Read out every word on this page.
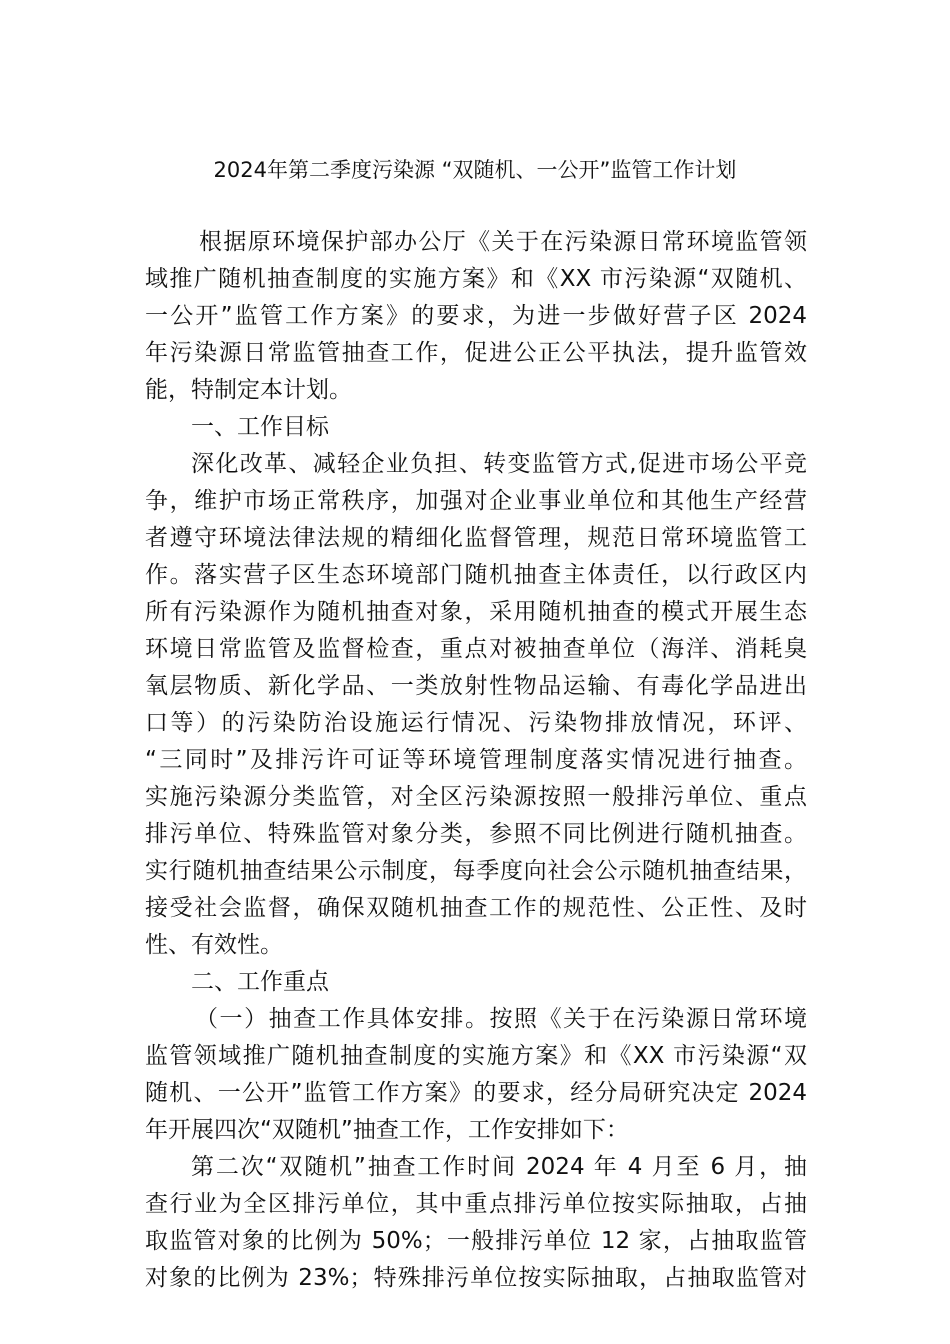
2024年第二季度污染源 “双随机、一公开”监管工作计划
根据原环境保护部办公厅《关于在污染源日常环境监管领
域推广随机抽查制度的实施方案》和《XX 市污染源“双随机、
一公开”监管工作方案》的要求，为进一步做好营子区 2024
年污染源日常监管抽查工作，促进公正公平执法，提升监管效
能，特制定本计划。
一、工作目标
深化改革、减轻企业负担、转变监管方式,促进市场公平竞
争，维护市场正常秩序，加强对企业事业单位和其他生产经营
者遵守环境法律法规的精细化监督管理，规范日常环境监管工
作。落实营子区生态环境部门随机抽查主体责任，以行政区内
所有污染源作为随机抽查对象，采用随机抽查的模式开展生态
环境日常监管及监督检查，重点对被抽查单位（海洋、消耗臭
氧层物质、新化学品、一类放射性物品运输、有毒化学品进出
口等）的污染防治设施运行情况、污染物排放情况，环评、
“三同时”及排污许可证等环境管理制度落实情况进行抽查。
实施污染源分类监管，对全区污染源按照一般排污单位、重点
排污单位、特殊监管对象分类，参照不同比例进行随机抽查。
实行随机抽查结果公示制度，每季度向社会公示随机抽查结果，
接受社会监督，确保双随机抽查工作的规范性、公正性、及时
性、有效性。
二、工作重点
（一）抽查工作具体安排。按照《关于在污染源日常环境
监管领域推广随机抽查制度的实施方案》和《XX 市污染源“双
随机、一公开”监管工作方案》的要求，经分局研究决定 2024
年开展四次“双随机”抽查工作，工作安排如下：
第二次“双随机”抽查工作时间 2024 年 4 月至 6 月，抽
查行业为全区排污单位，其中重点排污单位按实际抽取，占抽
取监管对象的比例为 50%；一般排污单位 12 家，占抽取监管
对象的比例为 23%；特殊排污单位按实际抽取，占抽取监管对
